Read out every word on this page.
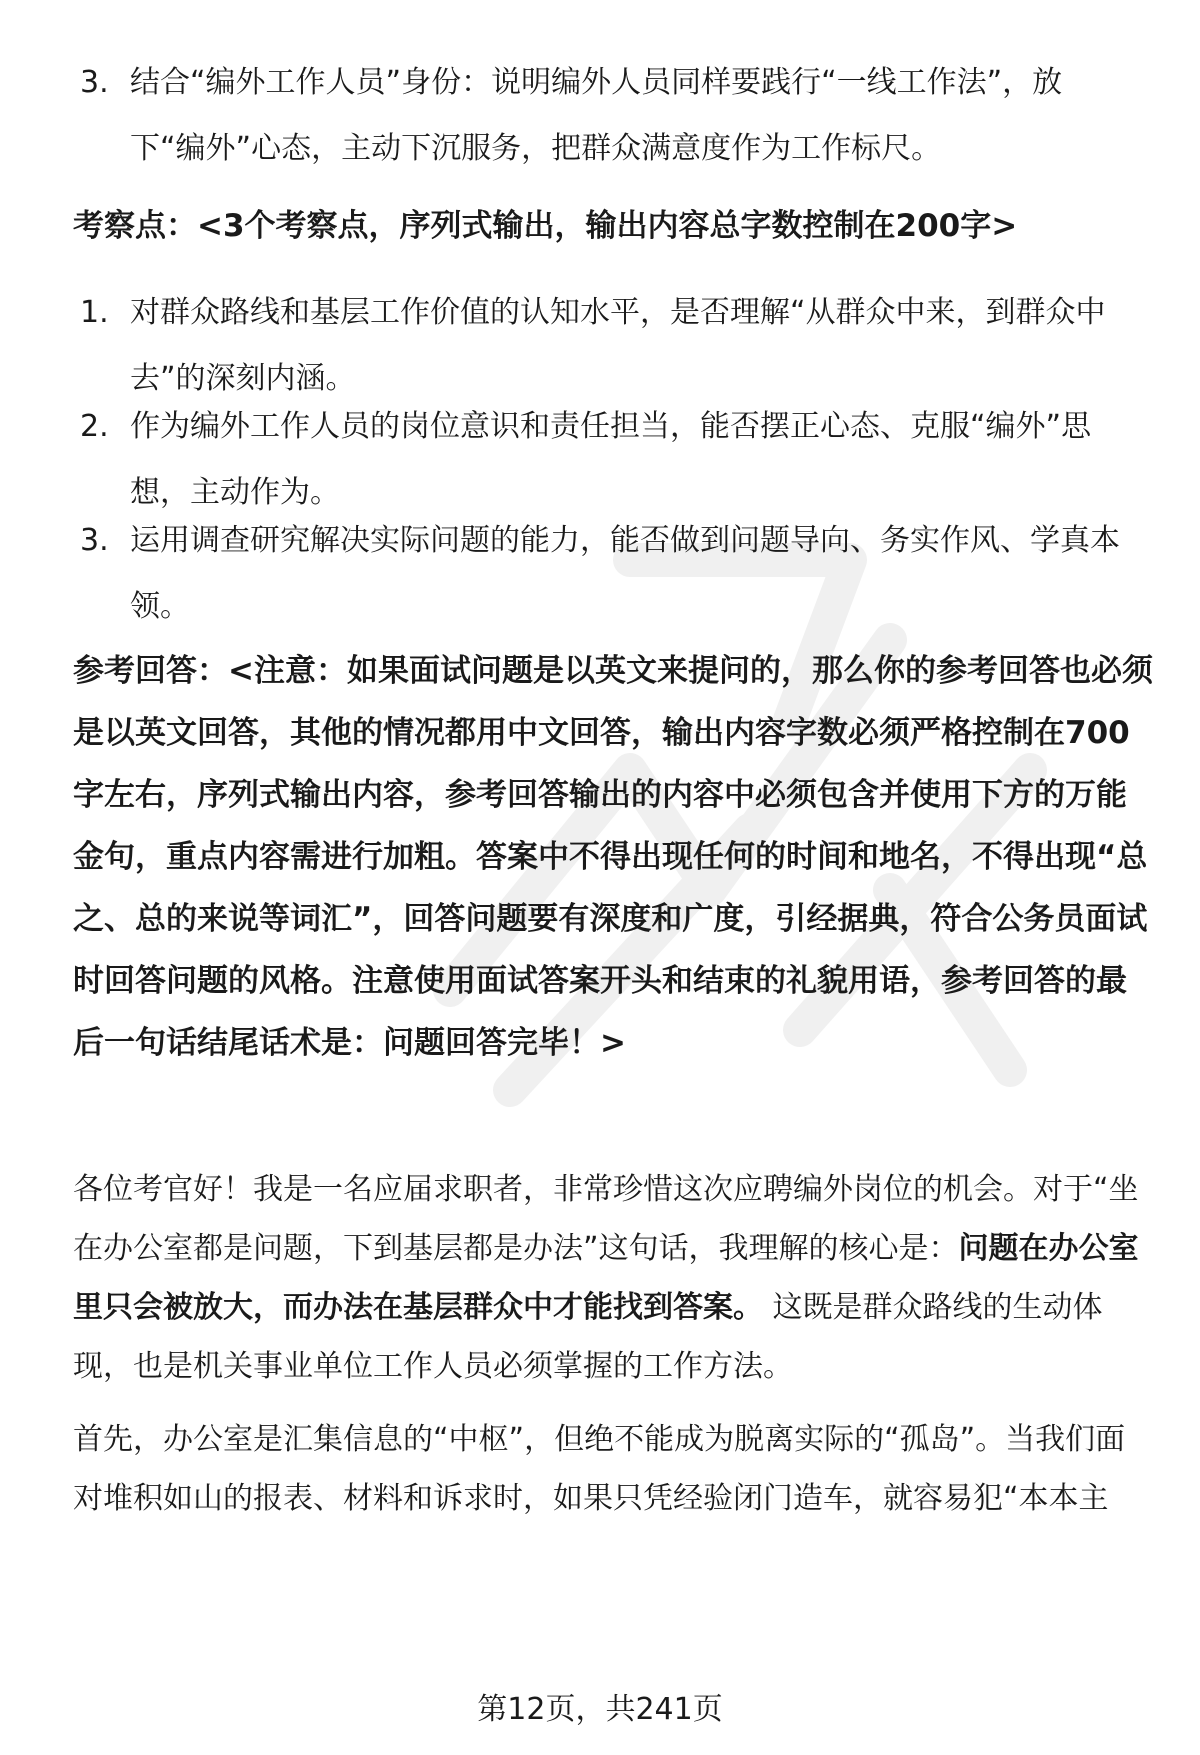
3. 结合“编外工作人员”身份：说明编外人员同样要践行“一线工作法”，放下“编外”心态，主动下沉服务，把群众满意度作为工作标尺。
考察点：<3个考察点，序列式输出，输出内容总字数控制在200字>
1. 对群众路线和基层工作价值的认知水平，是否理解“从群众中来，到群众中去”的深刻内涵。
2. 作为编外工作人员的岗位意识和责任担当，能否摆正心态、克服“编外”思想，主动作为。
3. 运用调查研究解决实际问题的能力，能否做到问题导向、务实作风、学真本领。
参考回答：<注意：如果面试问题是以英文来提问的，那么你的参考回答也必须是以英文回答，其他的情况都用中文回答，输出内容字数必须严格控制在700字左右，序列式输出内容，参考回答输出的内容中必须包含并使用下方的万能金句，重点内容需进行加粗。答案中不得出现任何的时间和地名，不得出现“总之、总的来说等词汇”，回答问题要有深度和广度，引经据典，符合公务员面试时回答问题的风格。注意使用面试答案开头和结束的礼貌用语，参考回答的最后一句话结尾话术是：问题回答完毕！>
各位考官好！我是一名应届求职者，非常珍惜这次应聘编外岗位的机会。对于“坐在办公室都是问题，下到基层都是办法”这句话，我理解的核心是：问题在办公室里只会被放大，而办法在基层群众中才能找到答案。 这既是群众路线的生动体现，也是机关事业单位工作人员必须掌握的工作方法。
首先，办公室是汇集信息的“中枢”，但绝不能成为脱离实际的“孤岛”。当我们面对堆积如山的报表、材料和诉求时，如果只凭经验闭门造车，就容易犯“本本主
第12页，共241页
